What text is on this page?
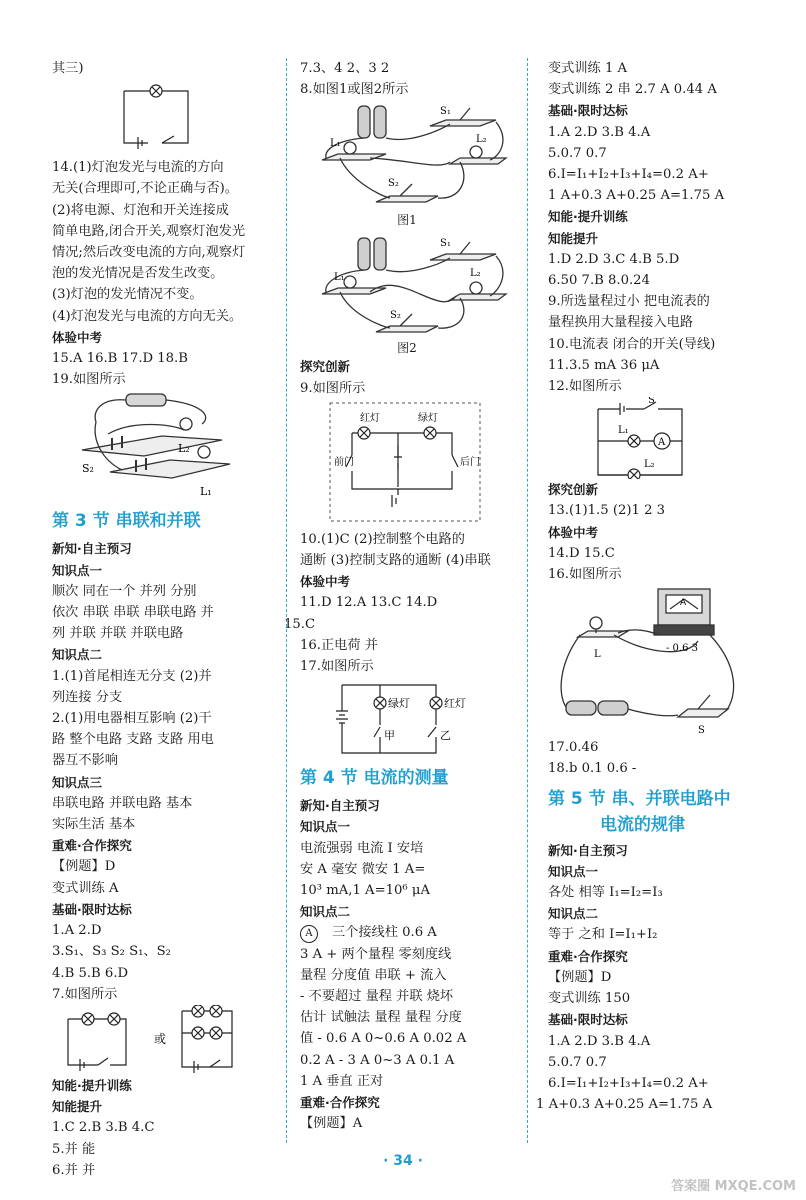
其三)
14.(1)灯泡发光与电流的方向
无关(合理即可,不论正确与否)。
(2)将电源、灯泡和开关连接成
简单电路,闭合开关,观察灯泡发光
情况;然后改变电流的方向,观察灯
泡的发光情况是否发生改变。
(3)灯泡的发光情况不变。
(4)灯泡发光与电流的方向无关。
体验中考
15.A 16.B 17.D 18.B
19.如图所示
S₂
L₂
L₁
第 3 节 串联和并联
新知·自主预习
知识点一
顺次 同在一个 并列 分别
依次 串联 串联 串联电路 并
列 并联 并联 并联电路
知识点二
1.(1)首尾相连无分支 (2)并
列连接 分支
2.(1)用电器相互影响 (2)干
路 整个电路 支路 支路 用电
器互不影响
知识点三
串联电路 并联电路 基本
实际生活 基本
重难·合作探究
【例题】D
变式训练 A
基础·限时达标
1.A 2.D
3.S₁、S₃ S₂ S₁、S₂
4.B 5.B 6.D
7.如图所示
或
知能·提升训练
知能提升
1.C 2.B 3.B 4.C
5.并 能
6.并 并
7.3、4 2、3 2
8.如图1或图2所示
S₁
L₁	L₂
S₂
图1
S₁
L₁	L₂
S₂
图2
探究创新
9.如图所示
红灯	绿灯
前门	后门
10.(1)C (2)控制整个电路的
通断 (3)控制支路的通断 (4)串联
体验中考
11.D 12.A 13.C 14.D
15.C
16.正电荷 并
17.如图所示
绿灯	红灯
甲	乙
第 4 节 电流的测量
新知·自主预习
知识点一
电流强弱 电流 I 安培
安 A 毫安 微安 1 A=
10³ mA,1 A=10⁶ μA
知识点二
A 三个接线柱 0.6 A
3 A + 两个量程 零刻度线
量程 分度值 串联 + 流入
- 不要超过 量程 并联 烧坏
估计 试触法 量程 量程 分度
值 - 0.6 A 0~0.6 A 0.02 A
0.2 A - 3 A 0~3 A 0.1 A
1 A 垂直 正对
重难·合作探究
【例题】A
变式训练 1 A
变式训练 2 串 2.7 A 0.44 A
基础·限时达标
1.A 2.D 3.B 4.A
5.0.7 0.7
6.I=I₁+I₂+I₃+I₄=0.2 A+
1 A+0.3 A+0.25 A=1.75 A
知能·提升训练
知能提升
1.D 2.D 3.C 4.B 5.D
6.50 7.B 8.0.24
9.所选量程过小 把电流表的
量程换用大量程接入电路
10.电流表 闭合的开关(导线)
11.3.5 mA 36 μA
12.如图所示
S
L₁
A
L₂
探究创新
13.(1)1.5 (2)1 2 3
体验中考
14.D 15.C
16.如图所示
- 0.6 3
A
L
S
17.0.46
18.b 0.1 0.6 -
第 5 节 串、并联电路中
电流的规律
新知·自主预习
知识点一
各处 相等 I₁=I₂=I₃
知识点二
等于 之和 I=I₁+I₂
重难·合作探究
【例题】D
变式训练 150
基础·限时达标
1.A 2.D 3.B 4.A
5.0.7 0.7
6.I=I₁+I₂+I₃+I₄=0.2 A+
1 A+0.3 A+0.25 A=1.75 A
· 34 ·
答案圈 MXQE.COM
